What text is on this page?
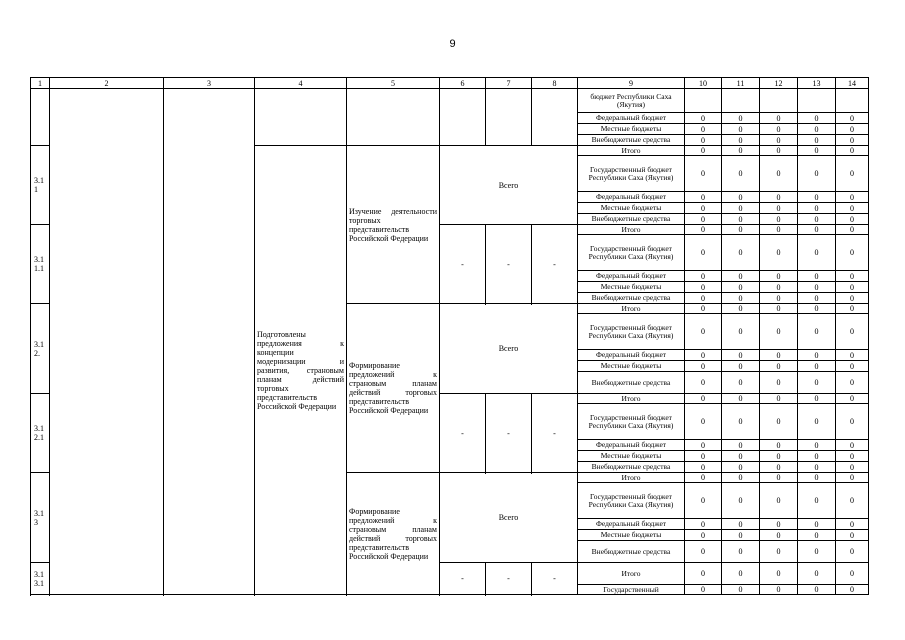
9
1	2	3	4	5	6	7	8	9	10	11	12	13	14
								бюджет Республики Саха (Якутия)					
								Федеральный бюджет	0	0	0	0	0
								Местные бюджеты	0	0	0	0	0
								Внебюджетные средства	0	0	0	0	0
3.1 1			Подготовлены предложения к концепции модернизации и развития, страновым планам действий торговых представительств Российской Федерации	Изучение деятельности торговых представительств Российской Федерации	Всего			Итого	0	0	0	0	0
								Государственный бюджет Республики Саха (Якутия)	0	0	0	0	0
								Федеральный бюджет	0	0	0	0	0
								Местные бюджеты	0	0	0	0	0
								Внебюджетные средства	0	0	0	0	0

3.1 1.1					-	-	-	Итого	0	0	0	0	0
								Государственный бюджет Республики Саха (Якутия)	0	0	0	0	0
								Федеральный бюджет	0	0	0	0	0
								Местные бюджеты	0	0	0	0	0
								Внебюджетные средства	0	0	0	0	0

3.1 2.				Формирование предложений к страновым планам действий торговых представительств Российской Федерации	Всего			Итого	0	0	0	0	0
								Государственный бюджет Республики Саха (Якутия)	0	0	0	0	0
								Федеральный бюджет	0	0	0	0	0
								Местные бюджеты	0	0	0	0	0
								Внебюджетные средства	0	0	0	0	0

3.1 2.1					-	-	-	Итого	0	0	0	0	0
								Государственный бюджет Республики Саха (Якутия)	0	0	0	0	0
								Федеральный бюджет	0	0	0	0	0
								Местные бюджеты	0	0	0	0	0
								Внебюджетные средства	0	0	0	0	0

3.1 3				Формирование предложений к страновым планам действий торговых представительств Российской Федерации	Всего			Итого	0	0	0	0	0
								Государственный бюджет Республики Саха (Якутия)	0	0	0	0	0
								Федеральный бюджет	0	0	0	0	0
								Местные бюджеты	0	0	0	0	0
								Внебюджетные средства	0	0	0	0	0

3.1 3.1					-	-	-	Итого	0	0	0	0	0
								Государственный	0	0	0	0	0
